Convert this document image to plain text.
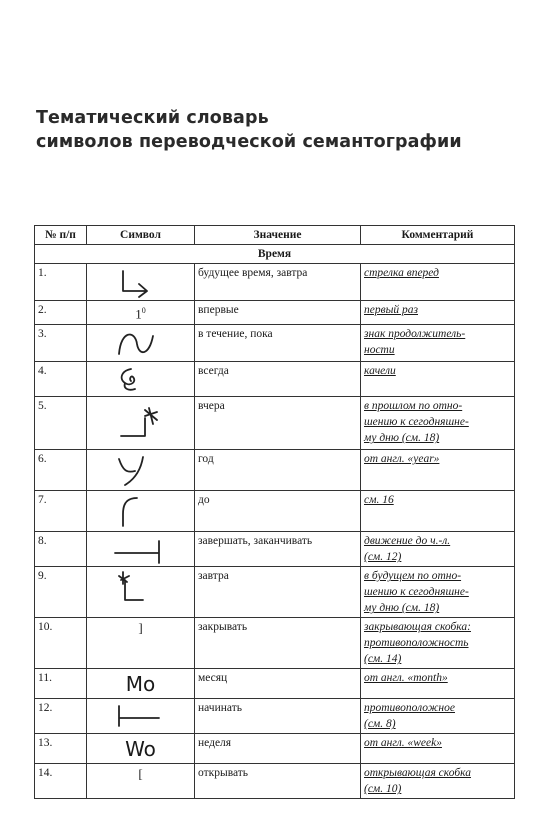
Тематический словарь
символов переводческой семантографии
№ п/п	Символ	Значение	Комментарий
Время			
1.		будущее время, завтра	стрелка вперед

2.	$1^0$	впервые	первый раз

3.		в течение, пока	знак продолжитель-
ности

4.		всегда	качели

5.		вчера	в прошлом по отно-
шению к сегодняшне-
му дню (см. 18)

6.		год	от англ. «year»

7.		до	см. 16

8.		завершать, заканчивать	движение до ч.-л.
(см. 12)

9.		завтра	в будущем по отно-
шению к сегодняшне-
му дню (см. 18)

10.	]	закрывать	закрывающая скобка:
противоположность
(см. 14)

11.	Mo	месяц	от англ. «month»

12.		начинать	противоположное
(см. 8)

13.	Wo	неделя	от англ. «week»

14.	[	открывать	открывающая скобка
(см. 10)
